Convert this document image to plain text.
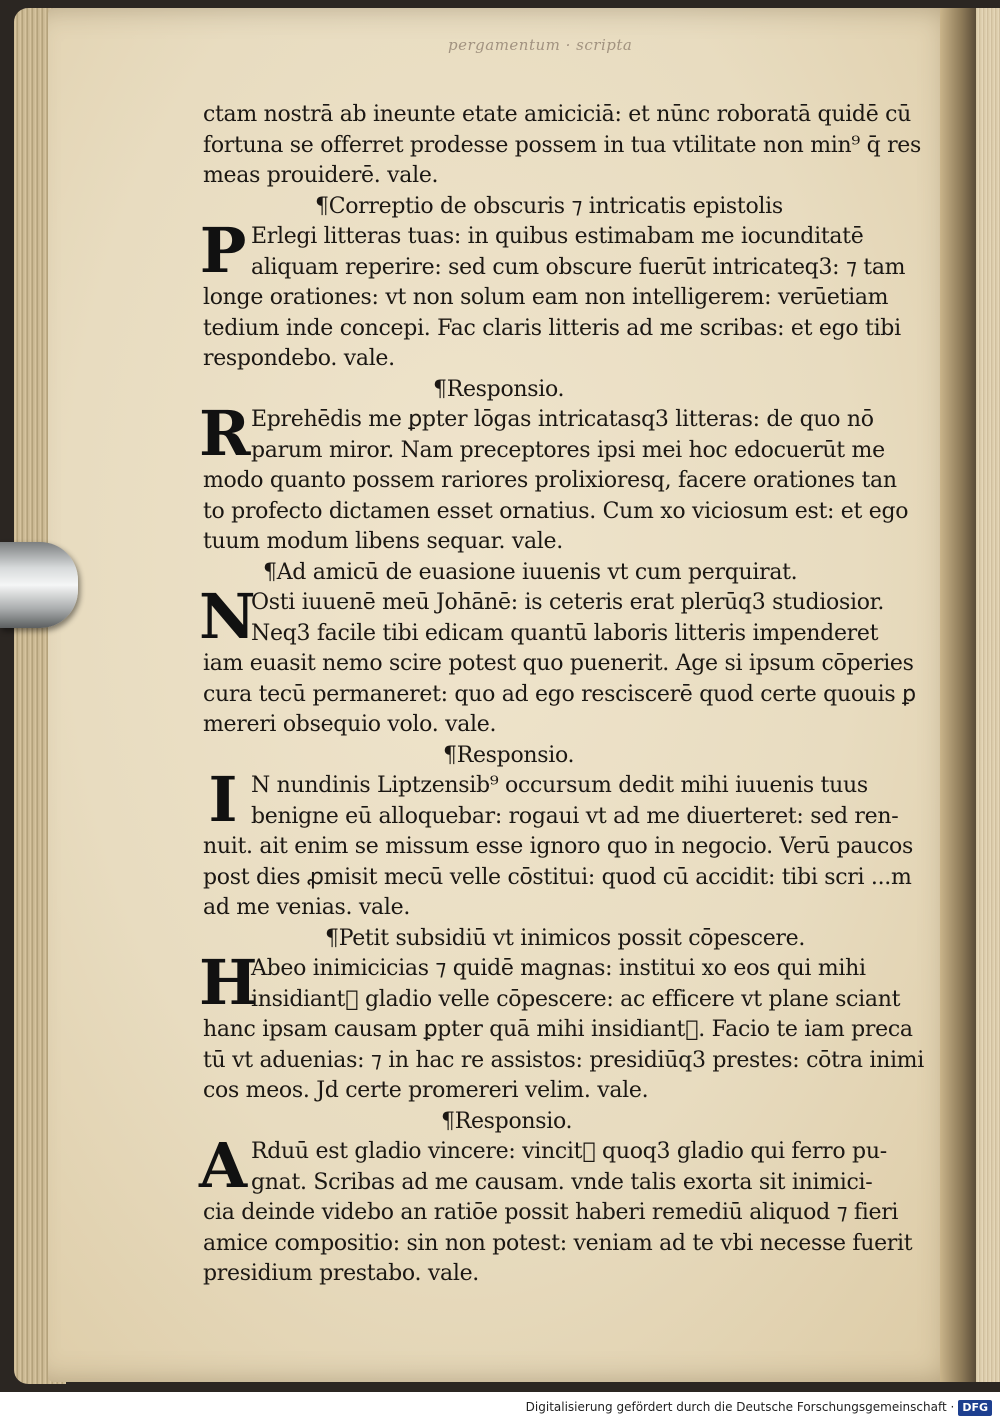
pergamentum · scripta
ctam nostrā ab ineunte etate amiciciā: et nūnc roboratā quidē cū
fortuna se offerret prodesse possem in tua vtilitate non min⁹ q̄ res
meas prouiderē. vale.
¶Correptio de obscuris ⁊ intricatis epistolis
P Erlegi litteras tuas: in quibus estimabam me iocunditatē
aliquam reperire: sed cum obscure fuerūt intricateq3: ⁊ tam
longe orationes: vt non solum eam non intelligerem: verūetiam
tedium inde concepi. Fac claris litteris ad me scribas: et ego tibi
respondebo. vale.
¶Responsio.
R Eprehēdis me ꝑpter lōgas intricatasq3 litteras: de quo nō
parum miror. Nam preceptores ipsi mei hoc edocuerūt me
modo quanto possem rariores prolixioresq, facere orationes tan
to profecto dictamen esset ornatius. Cum xo viciosum est: et ego
tuum modum libens sequar. vale.
¶Ad amicū de euasione iuuenis vt cum perquirat.
N
Osti iuuenē meū Johānē: is ceteris erat plerūq3 studiosior.
Neq3 facile tibi edicam quantū laboris litteris impenderet
iam euasit nemo scire potest quo puenerit. Age si ipsum cōperies
cura tecū permaneret: quo ad ego resciscerē quod certe quouis ꝑ
mereri obsequio volo. vale.
¶Responsio.
I N nundinis Liptzensib⁹ occursum dedit mihi iuuenis tuus
benigne eū alloquebar: rogaui vt ad me diuerteret: sed ren-
nuit. ait enim se missum esse ignoro quo in negocio. Verū paucos
post dies ꝓmisit mecū velle cōstitui: quod cū accidit: tibi scri ...m
ad me venias. vale.
¶Petit subsidiū vt inimicos possit cōpescere.
H
Abeo inimicicias ⁊ quidē magnas: institui xo eos qui mihi
insidiant᷑ gladio velle cōpescere: ac efficere vt plane sciant
hanc ipsam causam ꝑpter quā mihi insidiant᷑. Facio te iam preca
tū vt aduenias: ⁊ in hac re assistos: presidiūq3 prestes: cōtra inimi
cos meos. Jd certe promereri velim. vale.
¶Responsio.
A Rduū est gladio vincere: vincit᷑ quoq3 gladio qui ferro pu-
gnat. Scribas ad me causam. vnde talis exorta sit inimici-
cia deinde videbo an ratiōe possit haberi remediū aliquod ⁊ fieri
amice compositio: sin non potest: veniam ad te vbi necesse fuerit
presidium prestabo. vale.
Digitalisierung gefördert durch die Deutsche Forschungsgemeinschaft · DFG
